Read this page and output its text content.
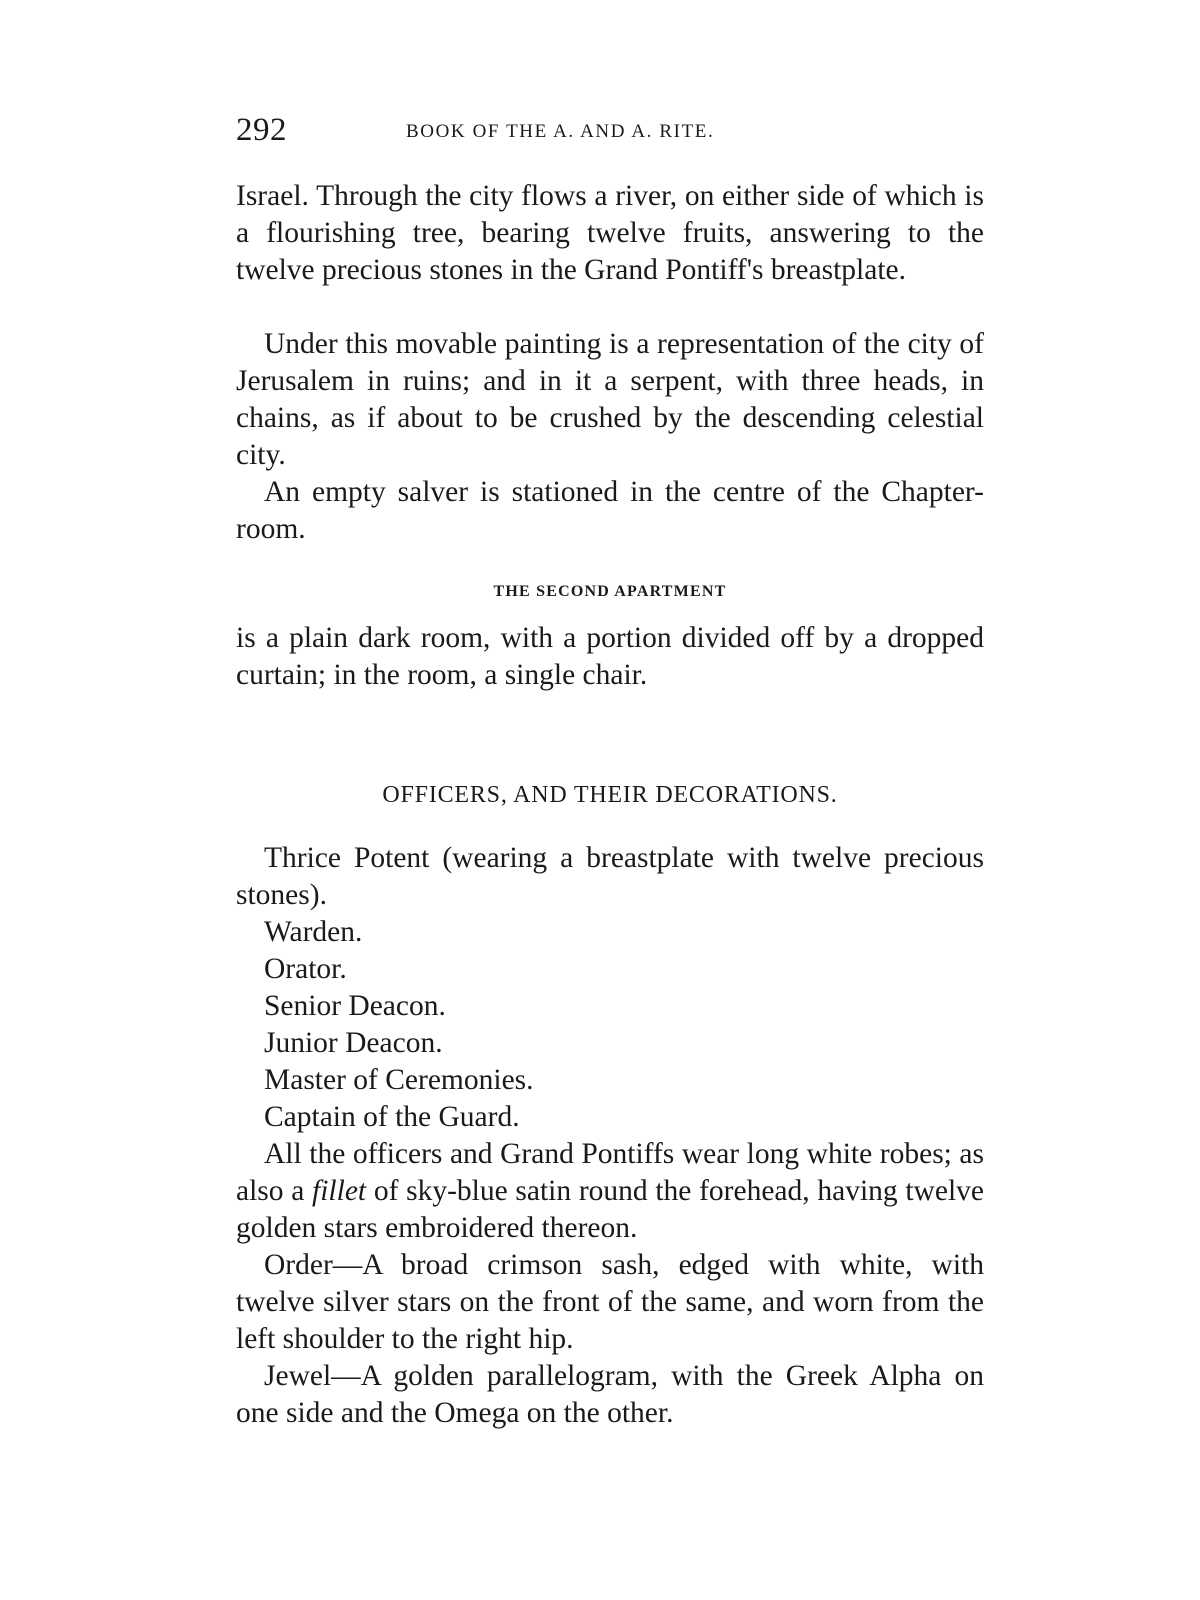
292	BOOK OF THE A. AND A. RITE.

Israel. Through the city flows a river, on either side of which is a flourishing tree, bearing twelve fruits, answering to the twelve precious stones in the Grand Pontiff's breastplate.

Under this movable painting is a representation of the city of Jerusalem in ruins; and in it a serpent, with three heads, in chains, as if about to be crushed by the descending celestial city.

An empty salver is stationed in the centre of the Chapter-room.

THE SECOND APARTMENT

is a plain dark room, with a portion divided off by a dropped curtain; in the room, a single chair.

OFFICERS, AND THEIR DECORATIONS.

Thrice Potent (wearing a breastplate with twelve precious stones).

Warden.
Orator.
Senior Deacon.
Junior Deacon.
Master of Ceremonies.
Captain of the Guard.

All the officers and Grand Pontiffs wear long white robes; as also a fillet of sky-blue satin round the forehead, having twelve golden stars embroidered thereon.

Order—A broad crimson sash, edged with white, with twelve silver stars on the front of the same, and worn from the left shoulder to the right hip.

Jewel—A golden parallelogram, with the Greek Alpha on one side and the Omega on the other.
